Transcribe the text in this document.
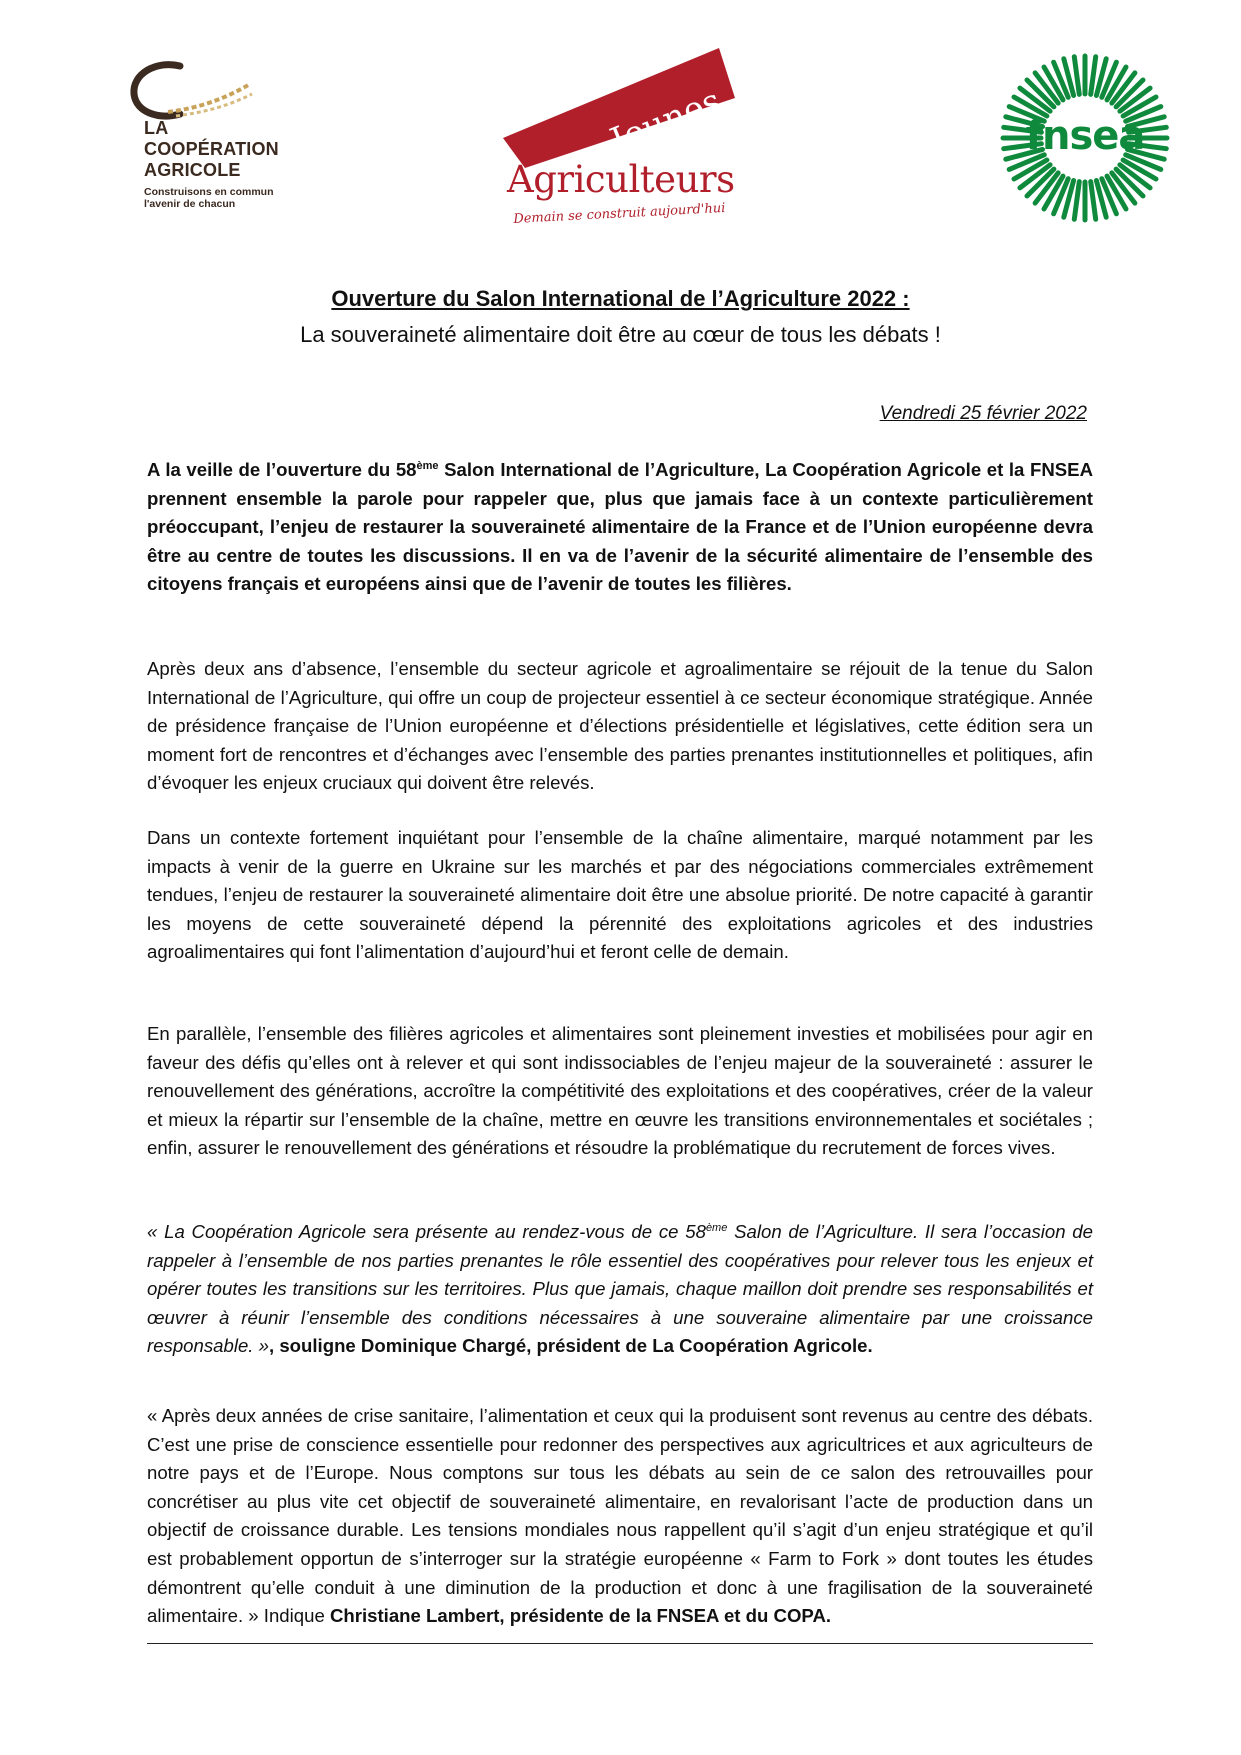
LA
COOPÉRATION
AGRICOLE
Construisons en commun
l'avenir de chacun
Jeunes
Agriculteurs
Demain se construit aujourd'hui
fnsea
Ouverture du Salon International de l’Agriculture 2022 :
La souveraineté alimentaire doit être au cœur de tous les débats !
Vendredi 25 février 2022

A la veille de l’ouverture du 58ème Salon International de l’Agriculture, La Coopération Agricole et la FNSEA prennent ensemble la parole pour rappeler que, plus que jamais face à un contexte particulièrement préoccupant, l’enjeu de restaurer la souveraineté alimentaire de la France et de l’Union européenne devra être au centre de toutes les discussions. Il en va de l’avenir de la sécurité alimentaire de l’ensemble des citoyens français et européens ainsi que de l’avenir de toutes les filières.

Après deux ans d’absence, l’ensemble du secteur agricole et agroalimentaire se réjouit de la tenue du Salon International de l’Agriculture, qui offre un coup de projecteur essentiel à ce secteur économique stratégique. Année de présidence française de l’Union européenne et d’élections présidentielle et législatives, cette édition sera un moment fort de rencontres et d’échanges avec l’ensemble des parties prenantes institutionnelles et politiques, afin d’évoquer les enjeux cruciaux qui doivent être relevés.

Dans un contexte fortement inquiétant pour l’ensemble de la chaîne alimentaire, marqué notamment par les impacts à venir de la guerre en Ukraine sur les marchés et par des négociations commerciales extrêmement tendues, l’enjeu de restaurer la souveraineté alimentaire doit être une absolue priorité. De notre capacité à garantir les moyens de cette souveraineté dépend la pérennité des exploitations agricoles et des industries agroalimentaires qui font l’alimentation d’aujourd’hui et feront celle de demain.

En parallèle, l’ensemble des filières agricoles et alimentaires sont pleinement investies et mobilisées pour agir en faveur des défis qu’elles ont à relever et qui sont indissociables de l’enjeu majeur de la souveraineté : assurer le renouvellement des générations, accroître la compétitivité des exploitations et des coopératives, créer de la valeur et mieux la répartir sur l’ensemble de la chaîne, mettre en œuvre les transitions environnementales et sociétales ; enfin, assurer le renouvellement des générations et résoudre la problématique du recrutement de forces vives.

« La Coopération Agricole sera présente au rendez-vous de ce 58ème Salon de l’Agriculture. Il sera l’occasion de rappeler à l’ensemble de nos parties prenantes le rôle essentiel des coopératives pour relever tous les enjeux et opérer toutes les transitions sur les territoires. Plus que jamais, chaque maillon doit prendre ses responsabilités et œuvrer à réunir l’ensemble des conditions nécessaires à une souveraine alimentaire par une croissance responsable. », souligne Dominique Chargé, président de La Coopération Agricole.

« Après deux années de crise sanitaire, l’alimentation et ceux qui la produisent sont revenus au centre des débats. C’est une prise de conscience essentielle pour redonner des perspectives aux agricultrices et aux agriculteurs de notre pays et de l’Europe. Nous comptons sur tous les débats au sein de ce salon des retrouvailles pour concrétiser au plus vite cet objectif de souveraineté alimentaire, en revalorisant l’acte de production dans un objectif de croissance durable. Les tensions mondiales nous rappellent qu’il s’agit d’un enjeu stratégique et qu’il est probablement opportun de s’interroger sur la stratégie européenne « Farm to Fork » dont toutes les études démontrent qu’elle conduit à une diminution de la production et donc à une fragilisation de la souveraineté alimentaire. » Indique Christiane Lambert, présidente de la FNSEA et du COPA.
